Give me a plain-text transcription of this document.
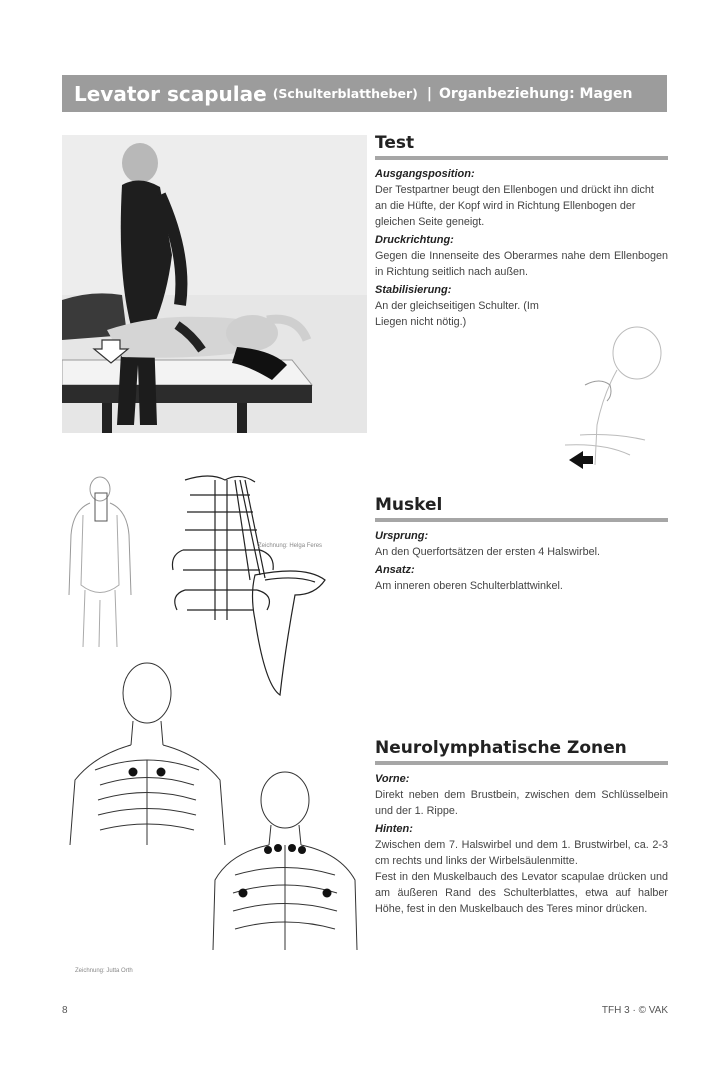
Levator scapulae (Schulterblattheber) | Organbeziehung: Magen
Test
Ausgangsposition:

Der Testpartner beugt den Ellenbogen und drückt ihn dicht an die Hüfte, der Kopf wird in Richtung Ellenbogen der gleichen Seite geneigt.

Druckrichtung:

Gegen die Innenseite des Oberarmes nahe dem Ellenbogen in Richtung seitlich nach außen.

Stabilisierung:

An der gleichseitigen Schulter. (Im Liegen nicht nötig.)

Zeichnung: Helga Feres
Muskel
Ursprung:

An den Querfortsätzen der ersten 4 Halswirbel.

Ansatz:

Am inneren oberen Schulterblattwinkel.

Zeichnung: Jutta Orth
Neurolymphatische Zonen
Vorne:

Direkt neben dem Brustbein, zwischen dem Schlüsselbein und der 1. Rippe.

Hinten:

Zwischen dem 7. Halswirbel und dem 1. Brustwirbel, ca. 2-3 cm rechts und links der Wirbelsäulenmitte.

Fest in den Muskelbauch des Levator scapulae drücken und am äußeren Rand des Schulterblattes, etwa auf halber Höhe, fest in den Muskelbauch des Teres minor drücken.

8	TFH 3 · © VAK
